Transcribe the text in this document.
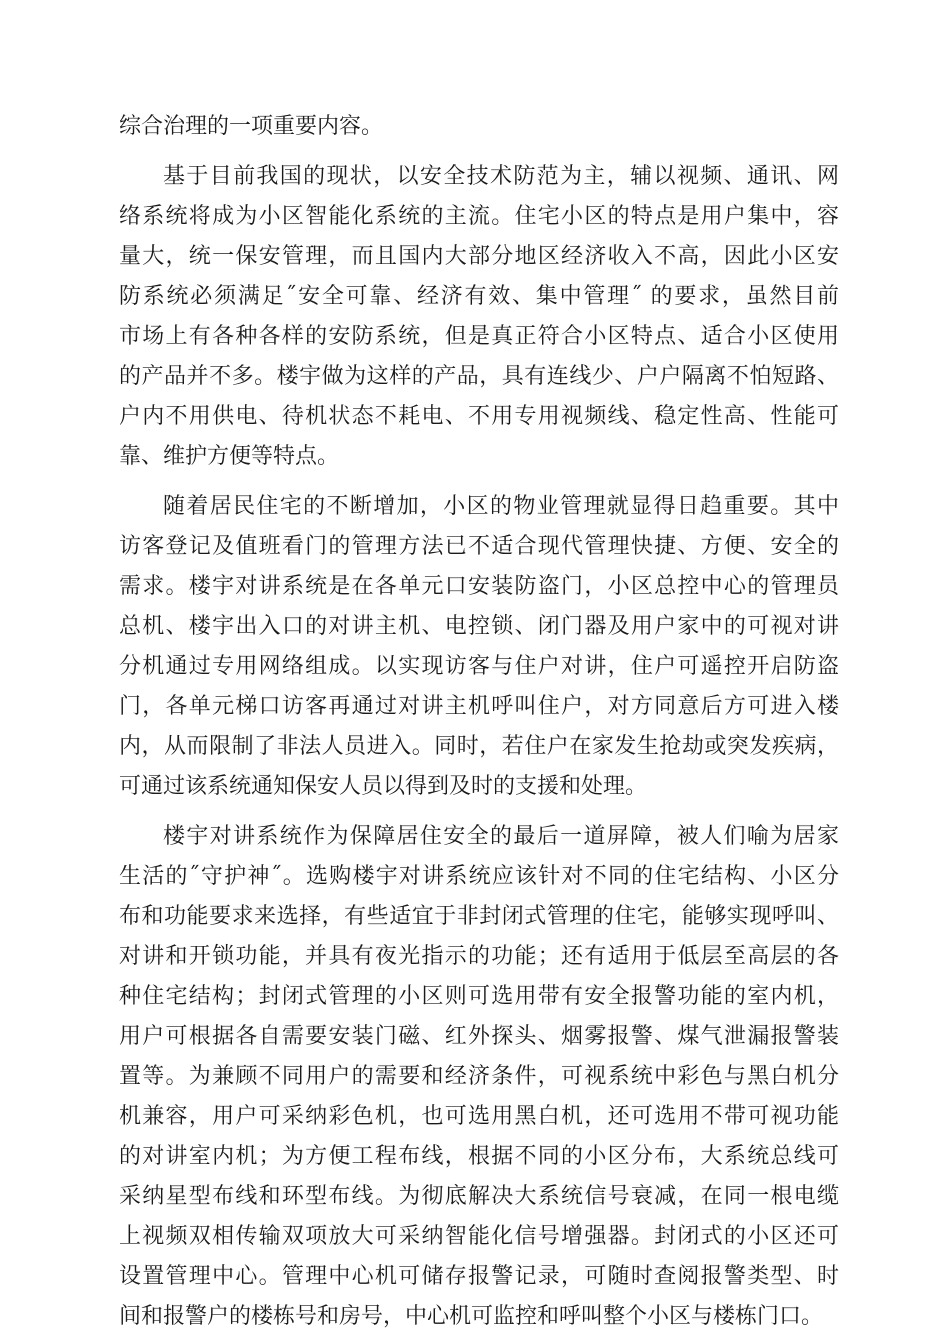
综合治理的一项重要内容。
基于目前我国的现状，以安全技术防范为主，辅以视频、通讯、网
络系统将成为小区智能化系统的主流。住宅小区的特点是用户集中，容
量大，统一保安管理，而且国内大部分地区经济收入不高，因此小区安
防系统必须满足˝安全可靠、经济有效、集中管理˝ 的要求，虽然目前
市场上有各种各样的安防系统，但是真正符合小区特点、适合小区使用
的产品并不多。楼宇做为这样的产品，具有连线少、户户隔离不怕短路、
户内不用供电、待机状态不耗电、不用专用视频线、稳定性高、性能可
靠、维护方便等特点。
随着居民住宅的不断增加，小区的物业管理就显得日趋重要。其中
访客登记及值班看门的管理方法已不适合现代管理快捷、方便、安全的
需求。楼宇对讲系统是在各单元口安装防盗门，小区总控中心的管理员
总机、楼宇出入口的对讲主机、电控锁、闭门器及用户家中的可视对讲
分机通过专用网络组成。以实现访客与住户对讲，住户可遥控开启防盗
门，各单元梯口访客再通过对讲主机呼叫住户，对方同意后方可进入楼
内，从而限制了非法人员进入。同时，若住户在家发生抢劫或突发疾病，
可通过该系统通知保安人员以得到及时的支援和处理。
楼宇对讲系统作为保障居住安全的最后一道屏障，被人们喻为居家
生活的˝守护神˝。选购楼宇对讲系统应该针对不同的住宅结构、小区分
布和功能要求来选择，有些适宜于非封闭式管理的住宅，能够实现呼叫、
对讲和开锁功能，并具有夜光指示的功能；还有适用于低层至高层的各
种住宅结构；封闭式管理的小区则可选用带有安全报警功能的室内机，
用户可根据各自需要安装门磁、红外探头、烟雾报警、煤气泄漏报警装
置等。为兼顾不同用户的需要和经济条件，可视系统中彩色与黑白机分
机兼容，用户可采纳彩色机，也可选用黑白机，还可选用不带可视功能
的对讲室内机；为方便工程布线，根据不同的小区分布，大系统总线可
采纳星型布线和环型布线。为彻底解决大系统信号衰减，在同一根电缆
上视频双相传输双项放大可采纳智能化信号增强器。封闭式的小区还可
设置管理中心。管理中心机可储存报警记录，可随时查阅报警类型、时
间和报警户的楼栋号和房号，中心机可监控和呼叫整个小区与楼栋门口。
